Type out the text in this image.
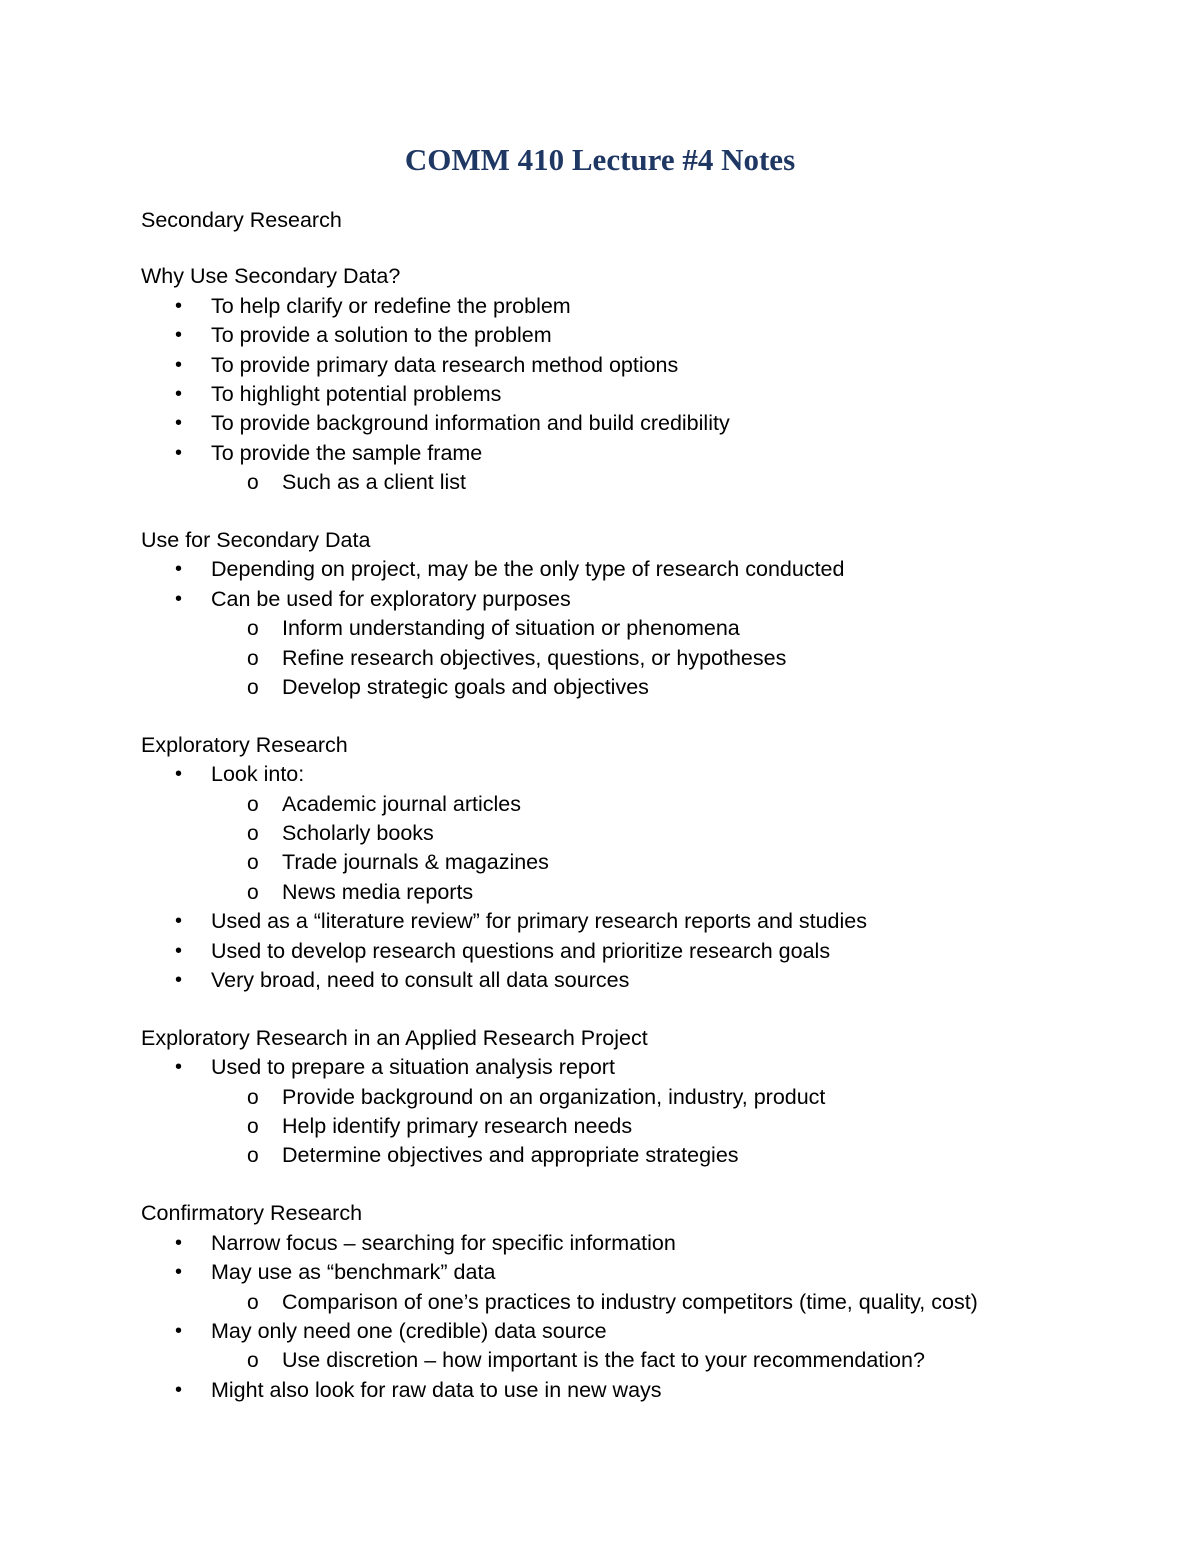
COMM 410 Lecture #4 Notes
Secondary Research
Why Use Secondary Data?
• To help clarify or redefine the problem
• To provide a solution to the problem
• To provide primary data research method options
• To highlight potential problems
• To provide background information and build credibility
• To provide the sample frame
o Such as a client list
Use for Secondary Data
• Depending on project, may be the only type of research conducted
• Can be used for exploratory purposes
o Inform understanding of situation or phenomena
o Refine research objectives, questions, or hypotheses
o Develop strategic goals and objectives
Exploratory Research
• Look into:
o Academic journal articles
o Scholarly books
o Trade journals & magazines
o News media reports
• Used as a “literature review” for primary research reports and studies
• Used to develop research questions and prioritize research goals
• Very broad, need to consult all data sources
Exploratory Research in an Applied Research Project
• Used to prepare a situation analysis report
o Provide background on an organization, industry, product
o Help identify primary research needs
o Determine objectives and appropriate strategies
Confirmatory Research
• Narrow focus – searching for specific information
• May use as “benchmark” data
o Comparison of one’s practices to industry competitors (time, quality, cost)
• May only need one (credible) data source
o Use discretion – how important is the fact to your recommendation?
• Might also look for raw data to use in new ways
